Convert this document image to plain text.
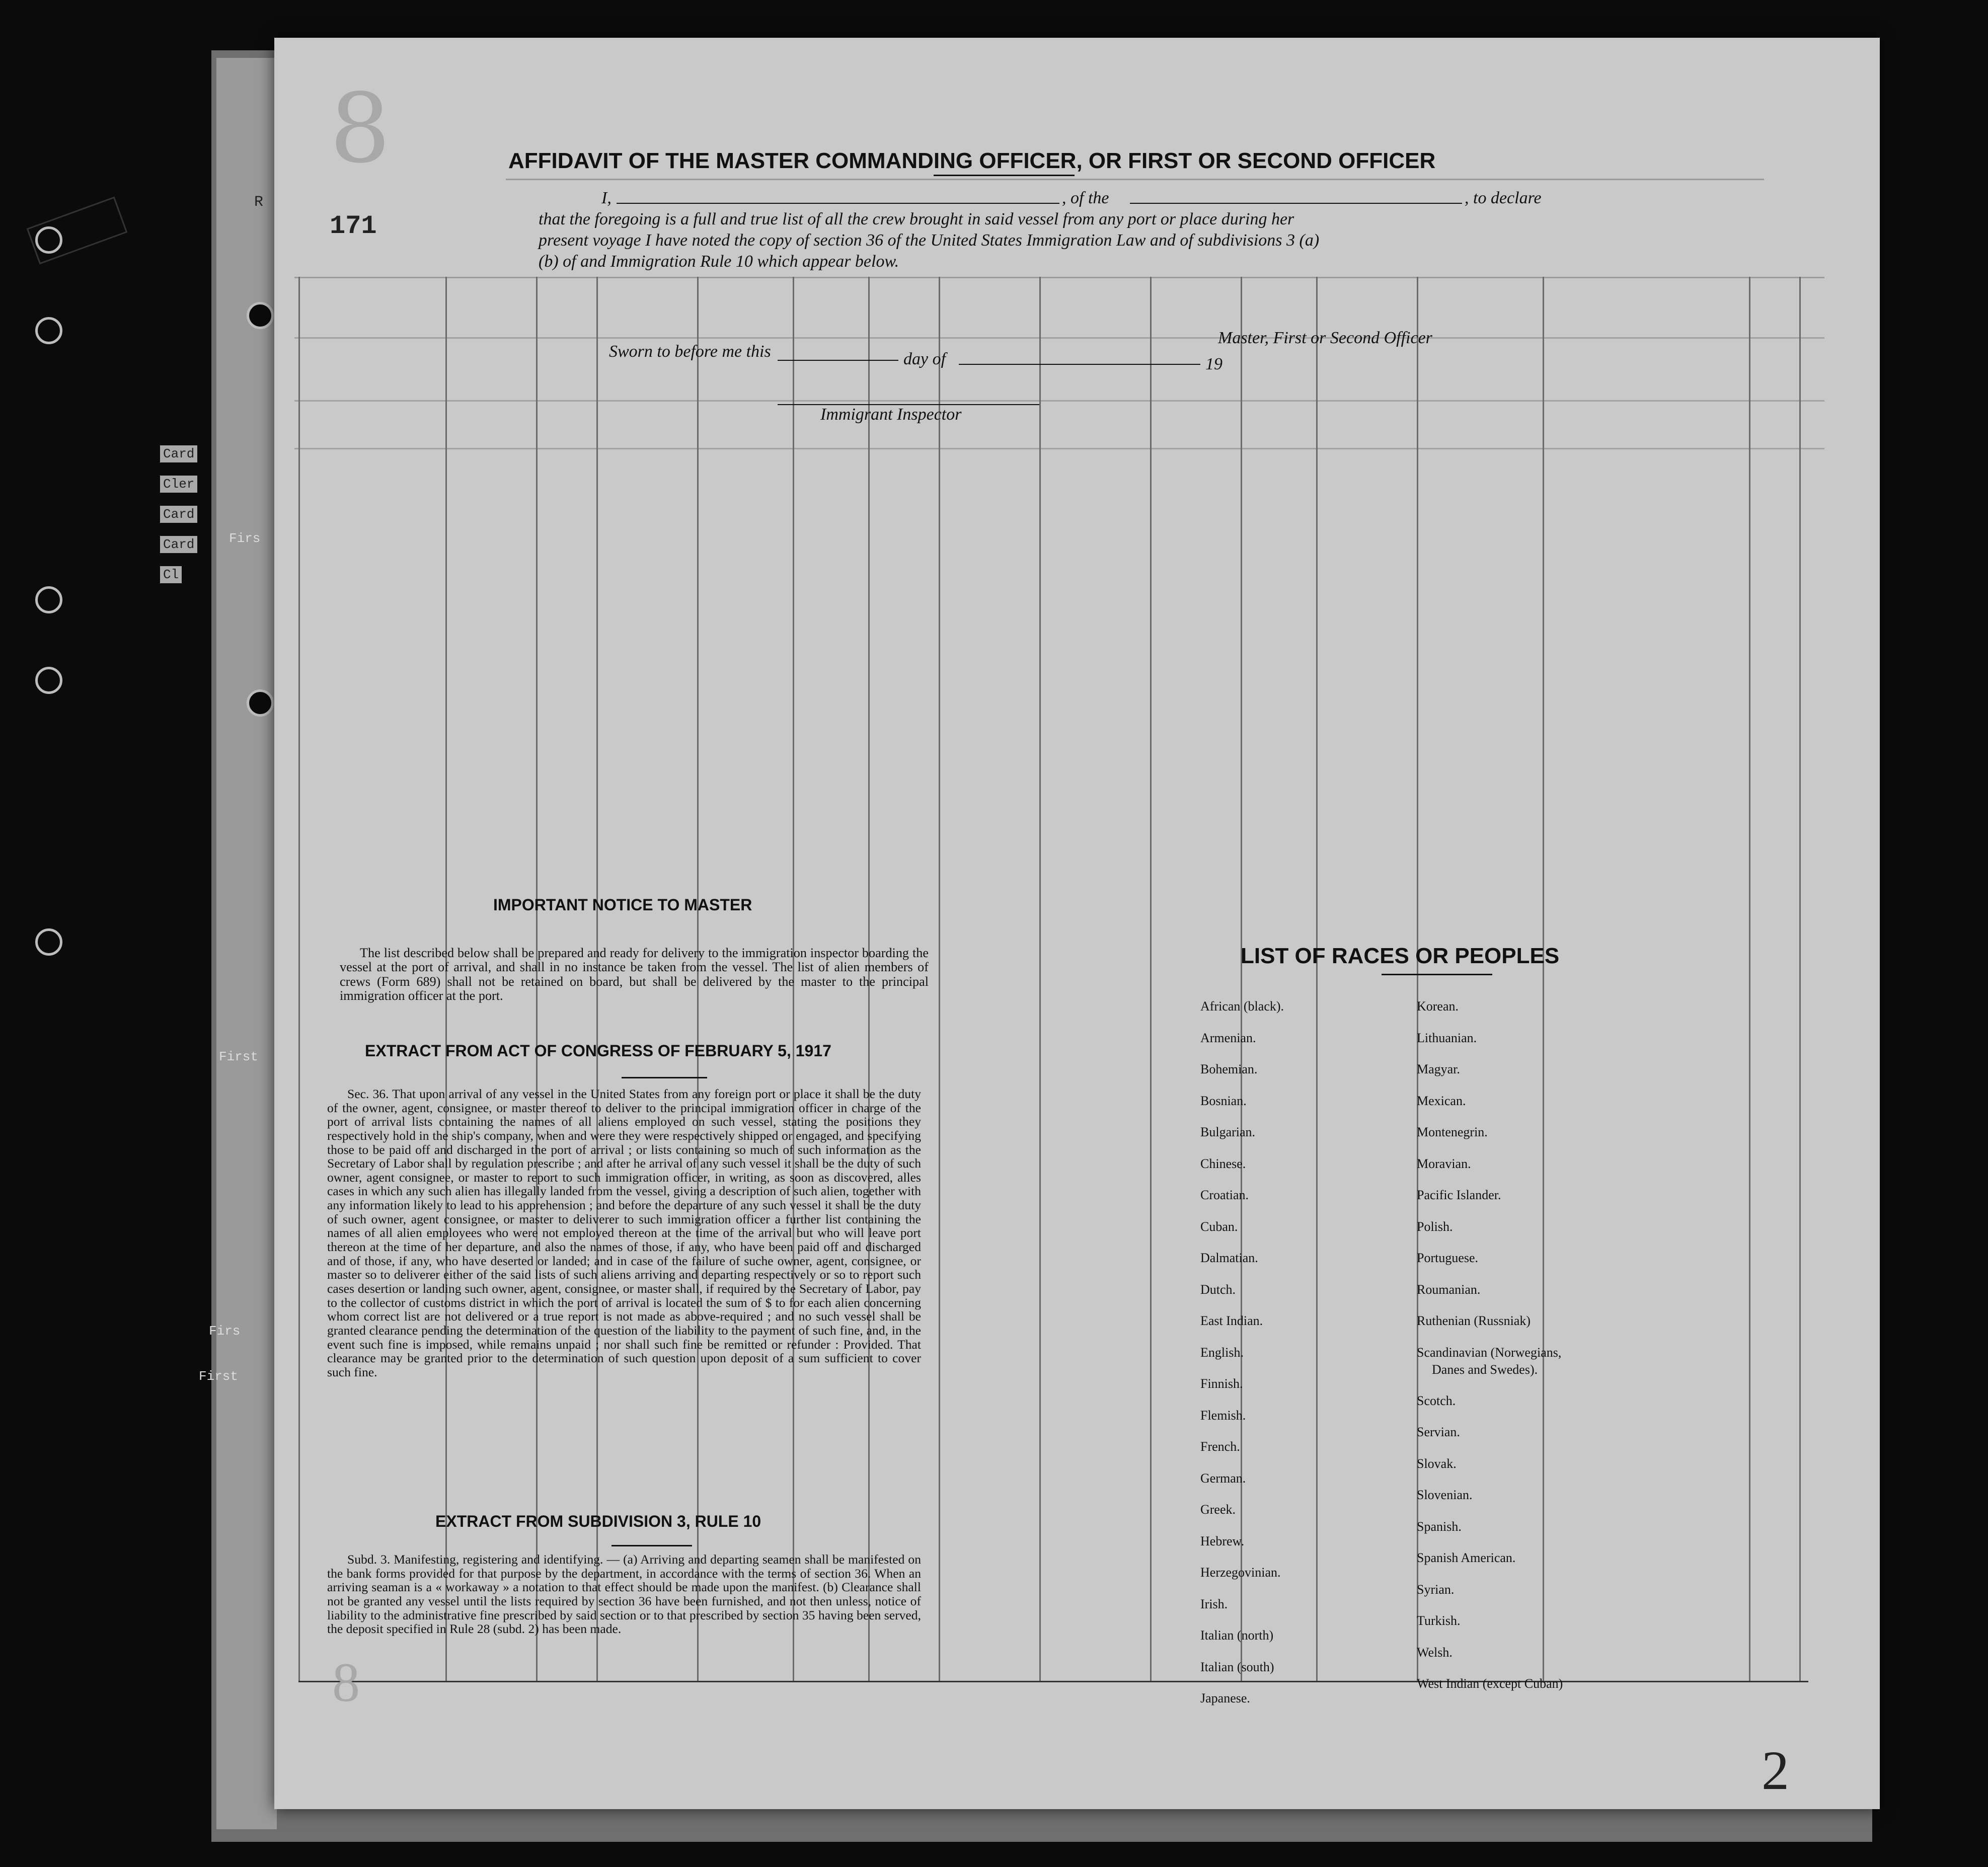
R
Card
Cler
Card
Card
Cl
Firs
First
Firs
First
8
8
171
2
AFFIDAVIT OF THE MASTER COMMANDING OFFICER, OR FIRST OR SECOND OFFICER
I,	, of the	, to declare
that the foregoing is a full and true list of all the crew brought in said vessel from any port or place during her
present voyage I have noted the copy of section 36 of the United States Immigration Law and of subdivisions 3 (a)
(b) of and Immigration Rule 10 which appear below.
Master, First or Second Officer
Sworn to before me this	day of	19
Immigrant Inspector
IMPORTANT NOTICE TO MASTER
The list described below shall be prepared and ready for delivery to the immigration inspector boarding the vessel at the port of arrival, and shall in no instance be taken from the vessel. The list of alien members of crews (Form 689) shall not be retained on board, but shall be delivered by the master to the principal immigration officer at the port.
EXTRACT FROM ACT OF CONGRESS OF FEBRUARY 5, 1917
Sec. 36. That upon arrival of any vessel in the United States from any foreign port or place it shall be the duty of the owner, agent, consignee, or master thereof to deliver to the principal immigration officer in charge of the port of arrival lists containing the names of all aliens employed on such vessel, stating the positions they respectively hold in the ship's company, when and were they were respectively shipped or engaged, and specifying those to be paid off and discharged in the port of arrival ; or lists containing so much of such information as the Secretary of Labor shall by regulation prescribe ; and after he arrival of any such vessel it shall be the duty of such owner, agent consignee, or master to report to such immigration officer, in writing, as soon as discovered, alles cases in which any such alien has illegally landed from the vessel, giving a description of such alien, together with any information likely to lead to his apprehension ; and before the departure of any such vessel it shall be the duty of such owner, agent consignee, or master to deliverer to such immigration officer a further list containing the names of all alien employees who were not employed thereon at the time of the arrival but who will leave port thereon at the time of her departure, and also the names of those, if any, who have been paid off and discharged and of those, if any, who have deserted or landed; and in case of the failure of suche owner, agent, consignee, or master so to deliverer either of the said lists of such aliens arriving and departing respectively or so to report such cases desertion or landing such owner, agent, consignee, or master shall, if required by the Secretary of Labor, pay to the collector of customs district in which the port of arrival is located the sum of $ to for each alien concerning whom correct list are not delivered or a true report is not made as above-required ; and no such vessel shall be granted clearance pending the determination of the question of the liability to the payment of such fine, and, in the event such fine is imposed, while remains unpaid ; nor shall such fine be remitted or refunder : Provided. That clearance may be granted prior to the determination of such question upon deposit of a sum sufficient to cover such fine.
EXTRACT FROM SUBDIVISION 3, RULE 10
Subd. 3. Manifesting, registering and identifying. — (a) Arriving and departing seamen shall be manifested on the bank forms provided for that purpose by the department, in accordance with the terms of section 36. When an arriving seaman is a « workaway » a notation to that effect should be made upon the manifest. (b) Clearance shall not be granted any vessel until the lists required by section 36 have been furnished, and not then unless, notice of liability to the administrative fine prescribed by said section or to that prescribed by section 35 having been served, the deposit specified in Rule 28 (subd. 2) has been made.
LIST OF RACES OR PEOPLES
African (black).
Armenian.
Bohemian.
Bosnian.
Bulgarian.
Chinese.
Croatian.
Cuban.
Dalmatian.
Dutch.
East Indian.
English.
Finnish.
Flemish.
French.
German.
Greek.
Hebrew.
Herzegovinian.
Irish.
Italian (north)
Italian (south)
Japanese.
Korean.
Lithuanian.
Magyar.
Mexican.
Montenegrin.
Moravian.
Pacific Islander.
Polish.
Portuguese.
Roumanian.
Ruthenian (Russniak)
Scandinavian (Norwegians,
Danes and Swedes).
Scotch.
Servian.
Slovak.
Slovenian.
Spanish.
Spanish American.
Syrian.
Turkish.
Welsh.
West Indian (except Cuban)
